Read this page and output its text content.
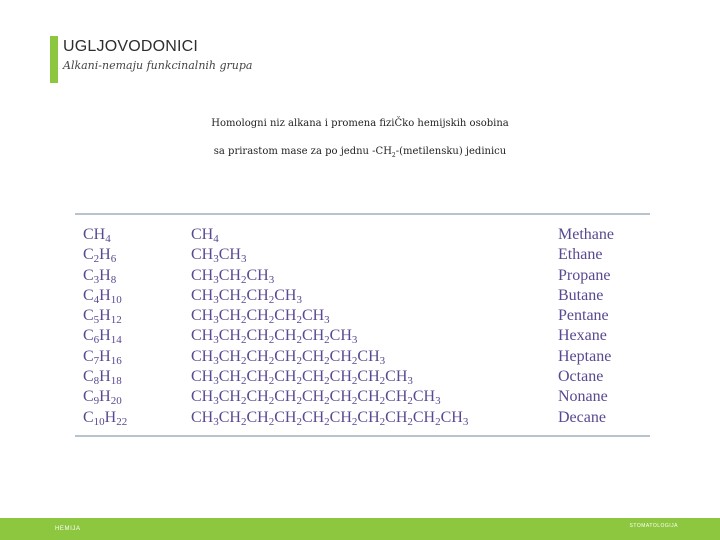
UGLJOVODONICI
Alkani-nemaju funkcinalnih grupa
Homologni niz alkana i promena fiziČko hemijskih osobina
sa prirastom mase za po jednu $-CH_2-(metilensku)$ jedinicu
$CH_4$	$CH_4$	Methane
$C_2H_6$	$CH_3CH_3$	Ethane
$C_3H_8$	$CH_3CH_2CH_3$	Propane
$C_4H_{10}$	$CH_3CH_2CH_2CH_3$	Butane
$C_5H_{12}$	$CH_3CH_2CH_2CH_2CH_3$	Pentane
$C_6H_{14}$	$CH_3CH_2CH_2CH_2CH_2CH_3$	Hexane
$C_7H_{16}$	$CH_3CH_2CH_2CH_2CH_2CH_2CH_3$	Heptane
$C_8H_{18}$	$CH_3CH_2CH_2CH_2CH_2CH_2CH_2CH_3$	Octane
$C_9H_{20}$	$CH_3CH_2CH_2CH_2CH_2CH_2CH_2CH_2CH_3$	Nonane
$C_{10}H_{22}$	$CH_3CH_2CH_2CH_2CH_2CH_2CH_2CH_2CH_2CH_3$	Decane
HEMIJA	STOMATOLOGIJA
